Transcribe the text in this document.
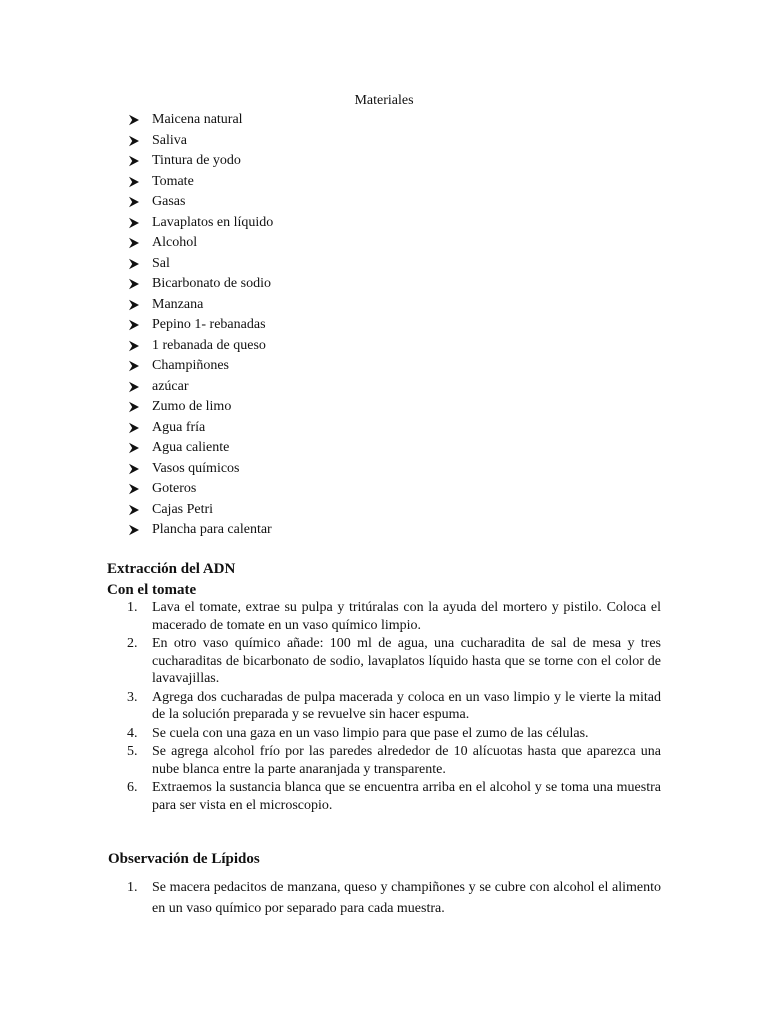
Materiales
Maicena natural
Saliva
Tintura de yodo
Tomate
Gasas
Lavaplatos en líquido
Alcohol
Sal
Bicarbonato de sodio
Manzana
Pepino 1- rebanadas
1 rebanada de queso
Champiñones
azúcar
Zumo de limo
Agua fría
Agua caliente
Vasos químicos
Goteros
Cajas Petri
Plancha para calentar
Extracción del ADN
Con el tomate
1. Lava el tomate, extrae su pulpa y tritúralas con la ayuda del mortero y pistilo. Coloca el macerado de tomate en un vaso químico limpio.
2. En otro vaso químico añade: 100 ml de agua, una cucharadita de sal de mesa y tres cucharaditas de bicarbonato de sodio, lavaplatos líquido hasta que se torne con el color de lavavajillas.
3. Agrega dos cucharadas de pulpa macerada y coloca en un vaso limpio y le vierte la mitad de la solución preparada y se revuelve sin hacer espuma.
4. Se cuela con una gaza en un vaso limpio para que pase el zumo de las células.
5. Se agrega alcohol frío por las paredes alrededor de 10 alícuotas hasta que aparezca una nube blanca entre la parte anaranjada y transparente.
6. Extraemos la sustancia blanca que se encuentra arriba en el alcohol y se toma una muestra para ser vista en el microscopio.
Observación de Lípidos
1. Se macera pedacitos de manzana, queso y champiñones y se cubre con alcohol el alimento en un vaso químico por separado para cada muestra.
